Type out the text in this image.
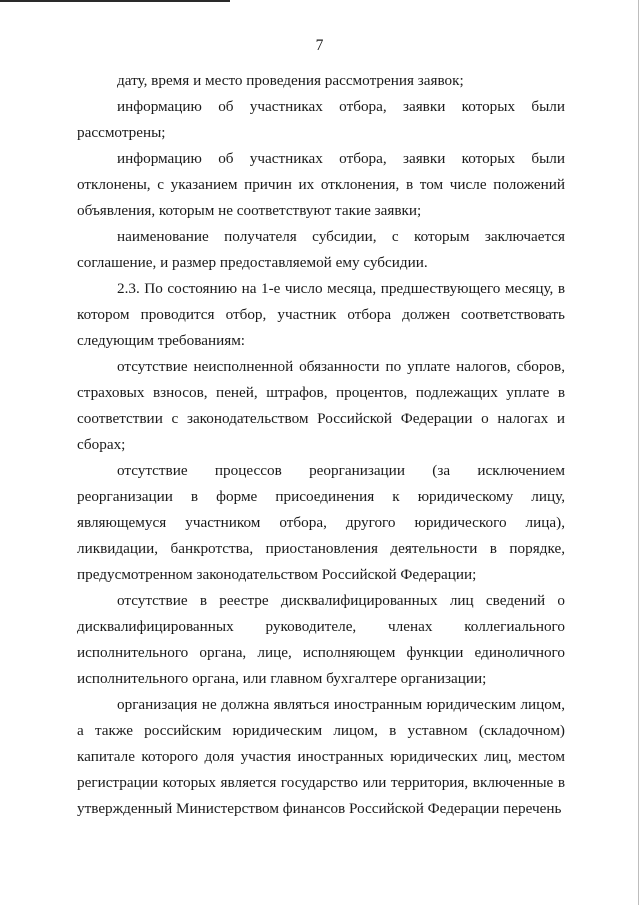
7

дату, время и место проведения рассмотрения заявок;

информацию об участниках отбора, заявки которых были рассмотрены;

информацию об участниках отбора, заявки которых были отклонены, с указанием причин их отклонения, в том числе положений объявления, которым не соответствуют такие заявки;

наименование получателя субсидии, с которым заключается соглашение, и размер предоставляемой ему субсидии.

2.3. По состоянию на 1-е число месяца, предшествующего месяцу, в котором проводится отбор, участник отбора должен соответствовать следующим требованиям:

отсутствие неисполненной обязанности по уплате налогов, сборов, страховых взносов, пеней, штрафов, процентов, подлежащих уплате в соответствии с законодательством Российской Федерации о налогах и сборах;

отсутствие процессов реорганизации (за исключением реорганизации в форме присоединения к юридическому лицу, являющемуся участником отбора, другого юридического лица), ликвидации, банкротства, приостановления деятельности в порядке, предусмотренном законодательством Российской Федерации;

отсутствие в реестре дисквалифицированных лиц сведений о дисквалифицированных руководителе, членах коллегиального исполнительного органа, лице, исполняющем функции единоличного исполнительного органа, или главном бухгалтере организации;

организация не должна являться иностранным юридическим лицом, а также российским юридическим лицом, в уставном (складочном) капитале которого доля участия иностранных юридических лиц, местом регистрации которых является государство или территория, включенные в утвержденный Министерством финансов Российской Федерации перечень
